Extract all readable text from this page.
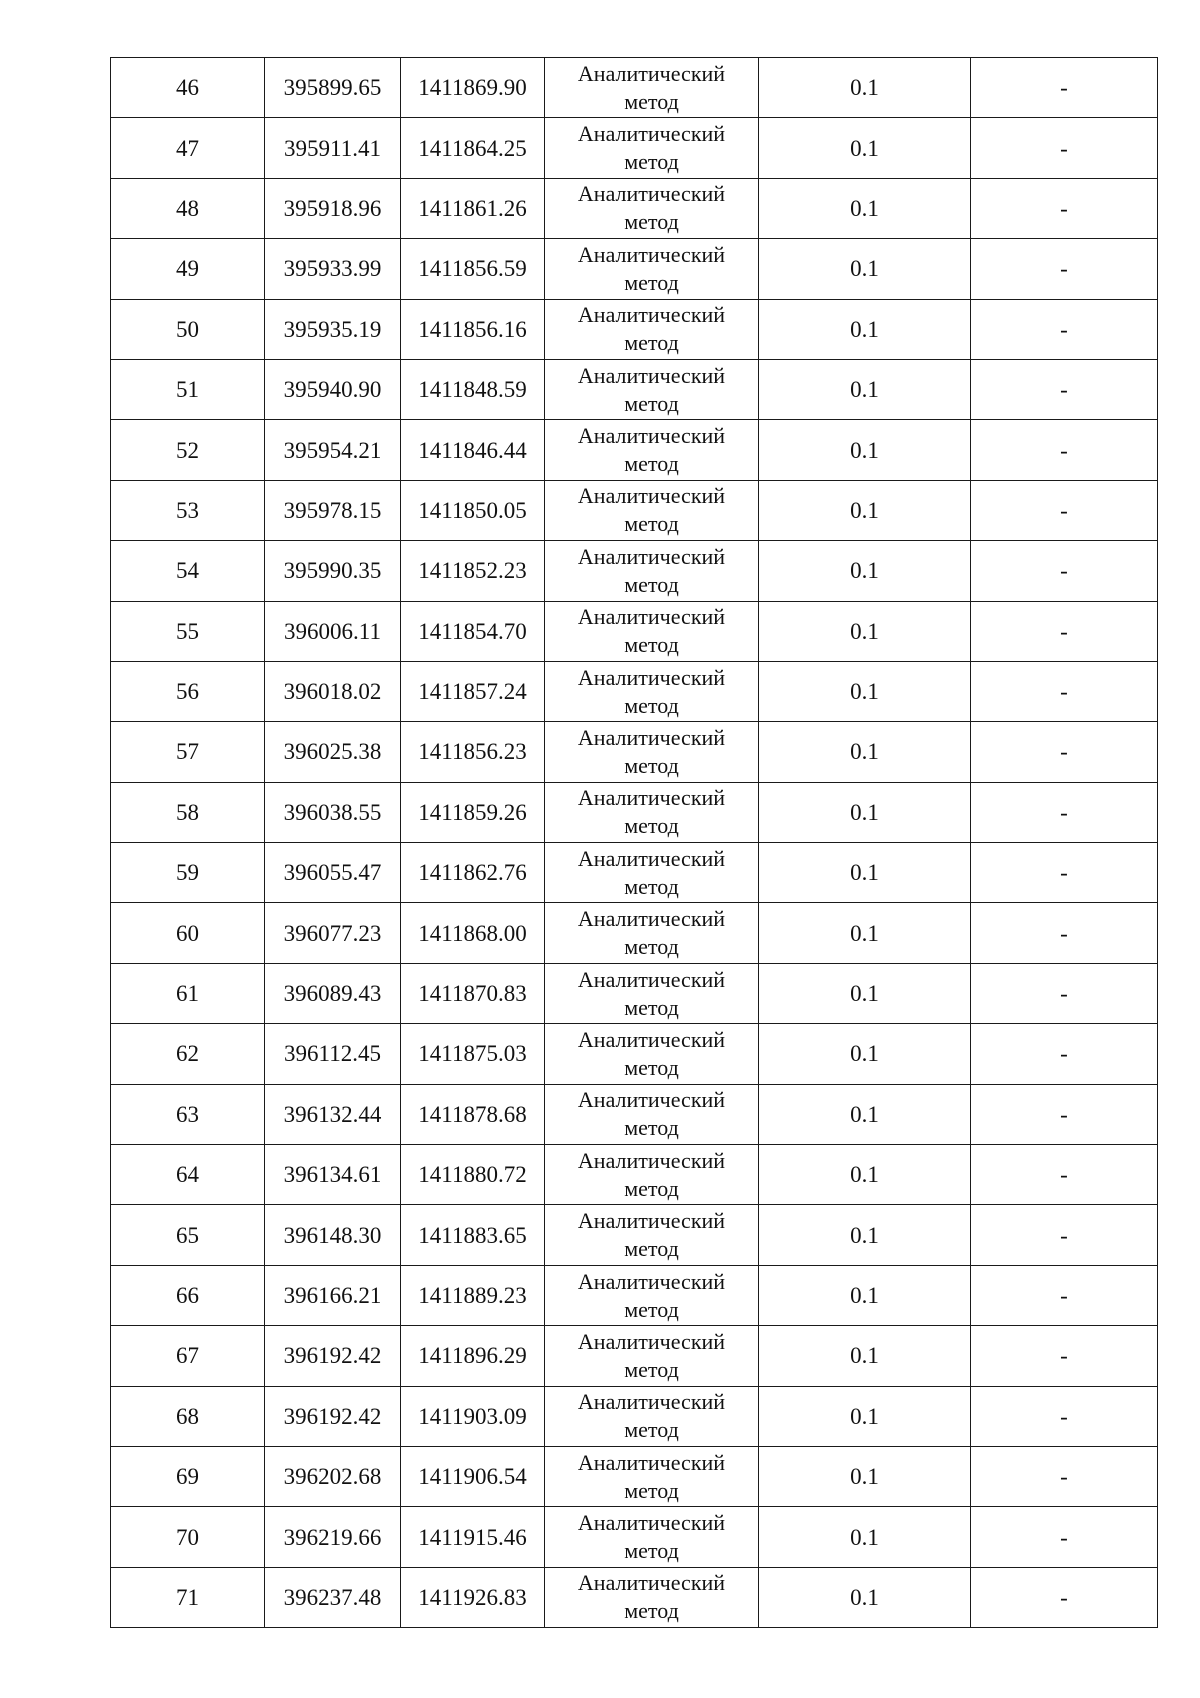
46	395899.65	1411869.90	Аналитический
метод	0.1	-
47	395911.41	1411864.25	Аналитический
метод	0.1	-
48	395918.96	1411861.26	Аналитический
метод	0.1	-
49	395933.99	1411856.59	Аналитический
метод	0.1	-
50	395935.19	1411856.16	Аналитический
метод	0.1	-
51	395940.90	1411848.59	Аналитический
метод	0.1	-
52	395954.21	1411846.44	Аналитический
метод	0.1	-
53	395978.15	1411850.05	Аналитический
метод	0.1	-
54	395990.35	1411852.23	Аналитический
метод	0.1	-
55	396006.11	1411854.70	Аналитический
метод	0.1	-
56	396018.02	1411857.24	Аналитический
метод	0.1	-
57	396025.38	1411856.23	Аналитический
метод	0.1	-
58	396038.55	1411859.26	Аналитический
метод	0.1	-
59	396055.47	1411862.76	Аналитический
метод	0.1	-
60	396077.23	1411868.00	Аналитический
метод	0.1	-
61	396089.43	1411870.83	Аналитический
метод	0.1	-
62	396112.45	1411875.03	Аналитический
метод	0.1	-
63	396132.44	1411878.68	Аналитический
метод	0.1	-
64	396134.61	1411880.72	Аналитический
метод	0.1	-
65	396148.30	1411883.65	Аналитический
метод	0.1	-
66	396166.21	1411889.23	Аналитический
метод	0.1	-
67	396192.42	1411896.29	Аналитический
метод	0.1	-
68	396192.42	1411903.09	Аналитический
метод	0.1	-
69	396202.68	1411906.54	Аналитический
метод	0.1	-
70	396219.66	1411915.46	Аналитический
метод	0.1	-
71	396237.48	1411926.83	Аналитический
метод	0.1	-
